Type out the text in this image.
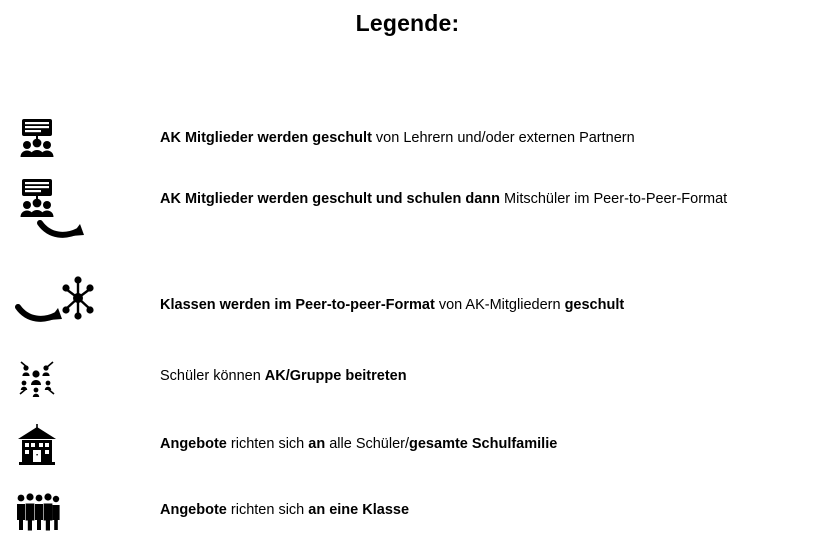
Legende:
AK Mitglieder werden geschult von Lehrern und/oder externen Partnern
AK Mitglieder werden geschult und schulen dann Mitschüler im Peer-to-Peer-Format
Klassen werden im Peer-to-peer-Format von AK-Mitgliedern geschult
Schüler können AK/Gruppe beitreten
Angebote richten sich an alle Schüler/gesamte Schulfamilie
Angebote richten sich an eine Klasse
